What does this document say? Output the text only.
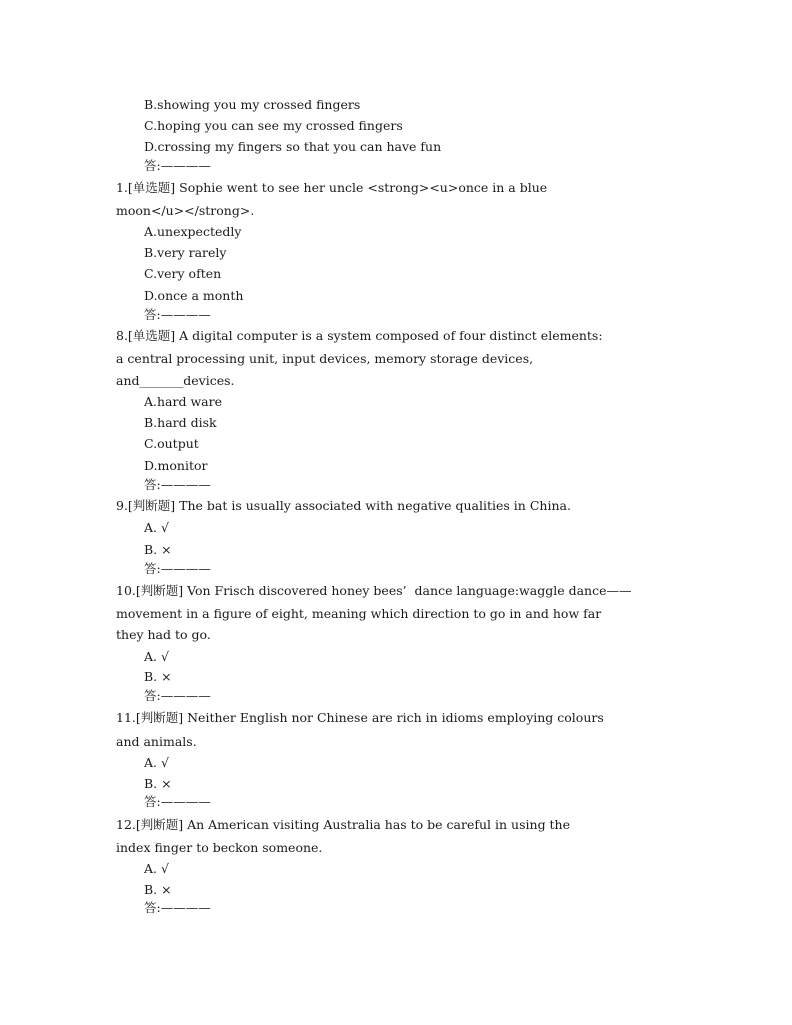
B.showing you my crossed fingers
C.hoping you can see my crossed fingers
D.crossing my fingers so that you can have fun
答:————
1.[单选题] Sophie went to see her uncle <strong><u>once in a blue
moon</u></strong>.
A.unexpectedly
B.very rarely
C.very often
D.once a month
答:————
8.[单选题] A digital computer is a system composed of four distinct elements:
a central processing unit, input devices, memory storage devices,
and_______devices.
A.hard ware
B.hard disk
C.output
D.monitor
答:————
9.[判断题] The bat is usually associated with negative qualities in China.
A. √
B. ×
答:————
10.[判断题] Von Frisch discovered honey bees’  dance language:waggle dance——
movement in a figure of eight, meaning which direction to go in and how far
they had to go.
A. √
B. ×
答:————
11.[判断题] Neither English nor Chinese are rich in idioms employing colours
and animals.
A. √
B. ×
答:————
12.[判断题] An American visiting Australia has to be careful in using the
index finger to beckon someone.
A. √
B. ×
答:————
